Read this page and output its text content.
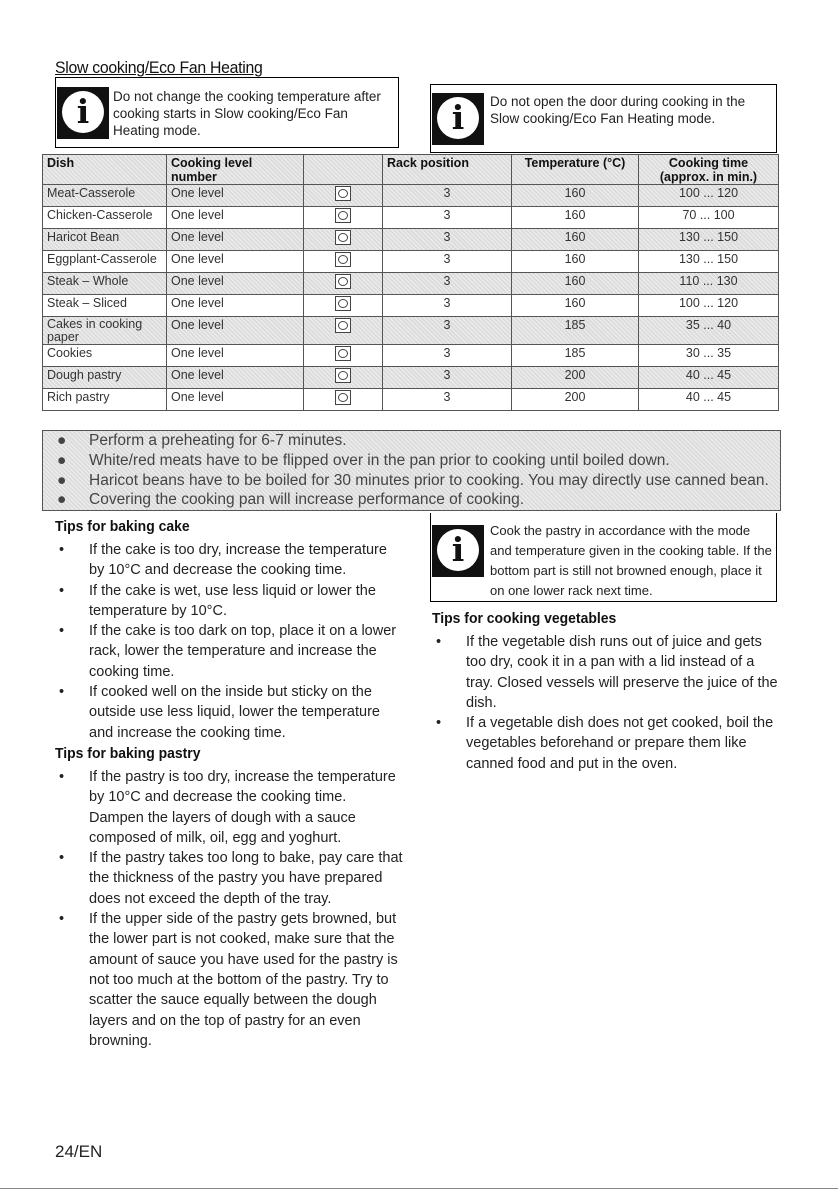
Slow cooking/Eco Fan Heating
i	Do not change the cooking temperature after cooking starts in Slow cooking/Eco Fan Heating mode.	i	Do not open the door during cooking in the Slow cooking/Eco Fan Heating mode.
Dish	Cooking level number		Rack position	Temperature (°C)	Cooking time
(approx. in min.)
Meat-Casserole	One level		3	160	100 ... 120
Chicken-Casserole	One level		3	160	70 ... 100
Haricot Bean	One level		3	160	130 ... 150
Eggplant-Casserole	One level		3	160	130 ... 150
Steak – Whole	One level		3	160	110 ... 130
Steak – Sliced	One level		3	160	100 ... 120
Cakes in cooking paper	One level		3	185	35 ... 40
Cookies	One level		3	185	30 ... 35
Dough pastry	One level		3	200	40 ... 45
Rich pastry	One level		3	200	40 ... 45
● Perform a preheating for 6-7 minutes.
● White/red meats have to be flipped over in the pan prior to cooking until boiled down.
● Haricot beans have to be boiled for 30 minutes prior to cooking. You may directly use canned bean.
● Covering the cooking pan will increase performance of cooking.
Tips for baking cake
• If the cake is too dry, increase the temperature by 10°C and decrease the cooking time.
• If the cake is wet, use less liquid or lower the temperature by 10°C.
• If the cake is too dark on top, place it on a lower rack, lower the temperature and increase the cooking time.
• If cooked well on the inside but sticky on the outside use less liquid, lower the temperature and increase the cooking time.
Tips for baking pastry
• If the pastry is too dry, increase the temperature by 10°C and decrease the cooking time. Dampen the layers of dough with a sauce composed of milk, oil, egg and yoghurt.
• If the pastry takes too long to bake, pay care that the thickness of the pastry you have prepared does not exceed the depth of the tray.
• If the upper side of the pastry gets browned, but the lower part is not cooked, make sure that the amount of sauce you have used for the pastry is not too much at the bottom of the pastry. Try to scatter the sauce equally between the dough layers and on the top of pastry for an even browning.
i	Cook the pastry in accordance with the mode and temperature given in the cooking table. If the bottom part is still not browned enough, place it on one lower rack next time.
Tips for cooking vegetables
• If the vegetable dish runs out of juice and gets too dry, cook it in a pan with a lid instead of a tray. Closed vessels will preserve the juice of the dish.
• If a vegetable dish does not get cooked, boil the vegetables beforehand or prepare them like canned food and put in the oven.
24/EN
